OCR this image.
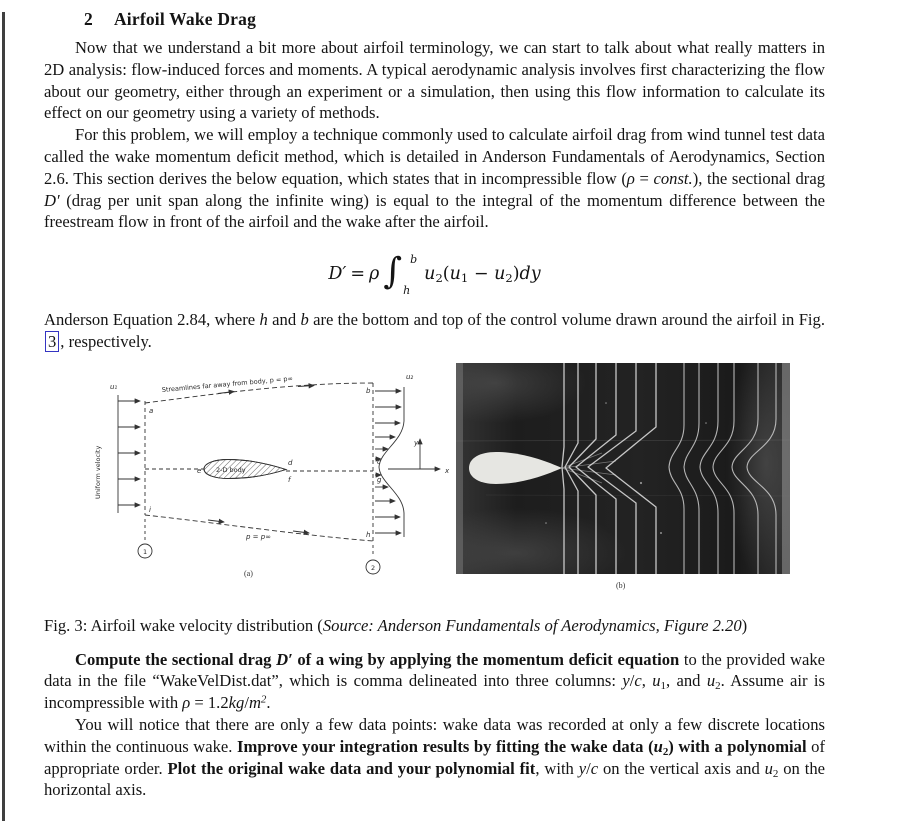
2 Airfoil Wake Drag

Now that we understand a bit more about airfoil terminology, we can start to talk about what really matters in 2D analysis: flow-induced forces and moments. A typical aerodynamic analysis involves first characterizing the flow about our geometry, either through an experiment or a simulation, then using this flow information to calculate its effect on our geometry using a variety of methods.

For this problem, we will employ a technique commonly used to calculate airfoil drag from wind tunnel test data called the wake momentum deficit method, which is detailed in Anderson Fundamentals of Aerodynamics, Section 2.6. This section derives the below equation, which states that in incompressible flow (ρ = const.), the sectional drag D′ (drag per unit span along the infinite wing) is equal to the integral of the momentum difference between the freestream flow in front of the airfoil and the wake after the airfoil.

D′ = ρ ∫ b
h
$u_2(u_1 - u_2)dy$

Anderson Equation 2.84, where h and b are the bottom and top of the control volume drawn around the airfoil in Fig. 3 , respectively.

u₁
u₂
Streamlines far away from body, p = p∞
Uniform velocity	2-D body
p = p∞
a
b
h
i
c
d
e
f	g
1
2
x
y
(a)
(b)

Fig. 3: Airfoil wake velocity distribution (Source: Anderson Fundamentals of Aerodynamics, Figure 2.20)

Compute the sectional drag D′ of a wing by applying the momentum deficit equation to the provided wake data in the file “WakeVelDist.dat”, which is comma delineated into three columns: y/c, $u_1$, and $u_2$. Assume air is incompressible with $\rho = 1.2kg/m^2$.

You will notice that there are only a few data points: wake data was recorded at only a few discrete locations within the continuous wake. Improve your integration results by fitting the wake data $(u_2)$ with a polynomial of appropriate order. Plot the original wake data and your polynomial fit, with y/c on the vertical axis and $u_2$ on the horizontal axis.
